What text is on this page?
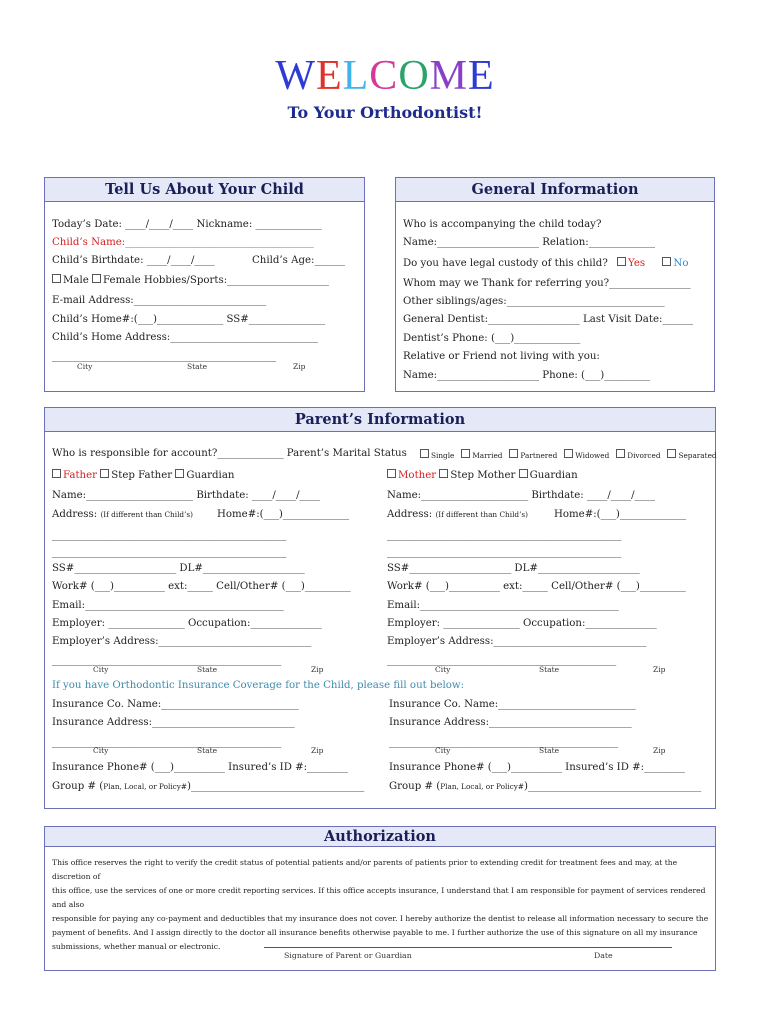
WELCOME
To Your Orthodontist!
Tell Us About Your Child
Today’s Date: ____/____/____ Nickname: _____________
Child’s Name:_____________________________________
Child’s Birthdate: ____/____/____	Child’s Age:______
Male Female Hobbies/Sports:____________________
E-mail Address:__________________________
Child’s Home#:(___)_____________ SS#_______________
Child’s Home Address:_____________________________
____________________________________________
City	State	Zip
General Information
Who is accompanying the child today?
Name:____________________ Relation:_____________
Do you have legal custody of this child? Yes	No
Whom may we Thank for referring you?________________
Other siblings/ages:_______________________________
General Dentist:__________________ Last Visit Date:______
Dentist’s Phone: (___)_____________
Relative or Friend not living with you:
Name:____________________ Phone: (___)_________
Parent’s Information
Who is responsible for account?_____________ Parent’s Marital Status	Single Married Partnered Widowed Divorced Separated
Father Step Father Guardian
Name:_____________________ Birthdate: ____/____/____
Address: (If different than Child’s) Home#:(___)_____________
______________________________________________
______________________________________________
SS#____________________ DL#____________________
Work# (___)__________ ext:_____ Cell/Other# (___)_________
Email:_______________________________________
Employer: _______________ Occupation:______________
Employer’s Address:______________________________
_____________________________________________
City	State	Zip
Mother Step Mother Guardian
Name:_____________________ Birthdate: ____/____/____
Address: (If different than Child’s)	Home#:(___)_____________
______________________________________________
______________________________________________
SS#____________________ DL#____________________
Work# (___)__________ ext:_____ Cell/Other# (___)_________
Email:_______________________________________
Employer: _______________ Occupation:______________
Employer’s Address:______________________________
_____________________________________________
City	State	Zip
If you have Orthodontic Insurance Coverage for the Child, please fill out below:
Insurance Co. Name:___________________________
Insurance Address:____________________________
_____________________________________________
City	State	Zip
Insurance Phone# (___)__________ Insured’s ID #:________
Group # (Plan, Local, or Policy#)__________________________________
Insurance Co. Name:___________________________
Insurance Address:____________________________
_____________________________________________
City	State	Zip
Insurance Phone# (___)__________ Insured’s ID #:________
Group # (Plan, Local, or Policy#)__________________________________
Authorization
This office reserves the right to verify the credit status of potential patients and/or parents of patients prior to extending credit for treatment fees and may, at the discretion of
this office, use the services of one or more credit reporting services. If this office accepts insurance, I understand that I am responsible for payment of services rendered and also
responsible for paying any co-payment and deductibles that my insurance does not cover. I hereby authorize the dentist to release all information necessary to secure the
payment of benefits. And I assign directly to the doctor all insurance benefits otherwise payable to me. I further authorize the use of this signature on all my insurance
submissions, whether manual or electronic.
Signature of Parent or Guardian	Date
